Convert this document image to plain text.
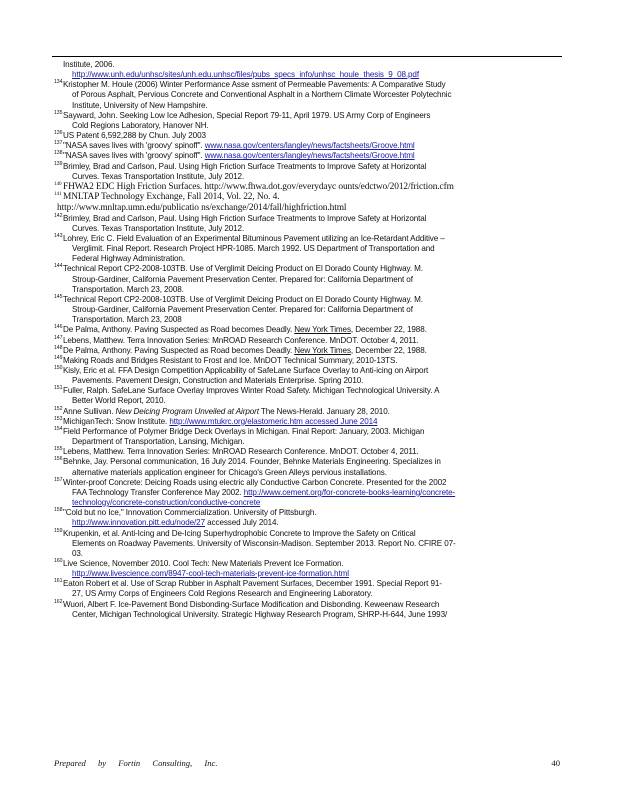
Institute, 2006.
http://www.unh.edu/unhsc/sites/unh.edu.unhsc/files/pubs_specs_info/unhsc_houle_thesis_9_08.pdf
134 Kristopher M. Houle (2006) Winter Performance Asse ssment of Permeable Pavements: A Comparative Study
of Porous Asphalt, Pervious Concrete and Conventional Asphalt in a Northern Climate Worcester Polytechnic
Institute, University of New Hampshire.
135 Sayward, John. Seeking Low Ice Adhesion, Special Report 79-11, April 1979. US Army Corp of Engineers
Cold Regions Laboratory, Hanover NH.
136 US Patent 6,592,288 by Chun. July 2003
137 "NASA saves lives with 'groovy' spinoff". www.nasa.gov/centers/langley/news/factsheets/Groove.html
138 "NASA saves lives with 'groovy' spinoff". www.nasa.gov/centers/langley/news/factsheets/Groove.html
139 Brimley, Brad and Carlson, Paul. Using High Friction Surface Treatments to Improve Safety at Horizontal
Curves. Texas Transportation Institute, July 2012.
140 FHWA2 EDC High Friction Surfaces. http://www.fhwa.dot.gov/everydayc ounts/edctwo/2012/friction.cfm
141 MNLTAP Technology Exchange, Fall 2014, Vol. 22, No. 4.
http://www.mnltap.umn.edu/publicatio ns/exchange/2014/fall/highfriction.html
142 Brimley, Brad and Carlson, Paul. Using High Friction Surface Treatments to Improve Safety at Horizontal
Curves. Texas Transportation Institute, July 2012.
143 Lohrey, Eric C. Field Evaluation of an Experimental Bituminous Pavement utilizing an Ice-Retardant Additive –
Verglimit. Final Report. Research Project HPR-1085. March 1992. US Department of Transportation and
Federal Highway Administration.
144 Technical Report CP2-2008-103TB. Use of Verglimit Deicing Product on El Dorado County Highway. M.
Stroup-Gardiner, California Pavement Preservation Center. Prepared for: California Department of
Transportation. March 23, 2008.
145 Technical Report CP2-2008-103TB. Use of Verglimit Deicing Product on El Dorado County Highway. M.
Stroup-Gardiner, California Pavement Preservation Center. Prepared for: California Department of
Transportation. March 23, 2008
146 De Palma, Anthony. Paving Suspected as Road becomes Deadly. New York Times, December 22, 1988.
147 Lebens, Matthew. Terra Innovation Series: MnROAD Research Conference. MnDOT. October 4, 2011.
148 De Palma, Anthony. Paving Suspected as Road becomes Deadly. New York Times, December 22, 1988.
149 Making Roads and Bridges Resistant to Frost and Ice. MnDOT Technical Summary, 2010-13TS.
150 Kisly, Eric et al. FFA Design Competition Applicability of SafeLane Surface Overlay to Anti-icing on Airport
Pavements. Pavement Design, Construction and Materials Enterprise. Spring 2010.
151 Fuller, Ralph. SafeLane Surface Overlay Improves Winter Road Safety. Michigan Technological University. A
Better World Report, 2010.
152 Anne Sullivan. New Deicing Program Unveiled at Airport The News-Herald. January 28, 2010.
153 MichiganTech: Snow Institute. http://www.mtukrc.org/elastomeric.htm accessed June 2014
154 Field Performance of Polymer Bridge Deck Overlays in Michigan. Final Report: January, 2003. Michigan
Department of Transportation, Lansing, Michigan.
155 Lebens, Matthew. Terra Innovation Series: MnROAD Research Conference. MnDOT. October 4, 2011.
156 Behnke, Jay. Personal communication, 16 July 2014. Founder, Behnke Materials Engineering. Specializes in
alternative materials application engineer for Chicago's Green Alleys pervious installations.
157 Winter-proof Concrete: Deicing Roads using electric ally Conductive Carbon Concrete. Presented for the 2002
FAA Technology Transfer Conference May 2002. http://www.cement.org/for-concrete-books-learning/concrete-
technology/concrete-construction/conductive-concrete
158 "Cold but no Ice," Innovation Commercialization. University of Pittsburgh.
http://www.innovation.pitt.edu/node/27 accessed July 2014.
159 Krupenkin, et al. Anti-Icing and De-Icing Superhydrophobic Concrete to Improve the Safety on Critical
Elements on Roadway Pavements. University of Wisconsin-Madison. September 2013. Report No. CFIRE 07-
03.
160 Live Science, November 2010. Cool Tech: New Materials Prevent Ice Formation.
http://www.livescience.com/8947-cool-tech-materials-prevent-ice-formation.html
161 Eaton Robert et al. Use of Scrap Rubber in Asphalt Pavement Surfaces, December 1991. Special Report 91-
27, US Army Corps of Engineers Cold Regions Research and Engineering Laboratory.
162 Wuori, Albert F. Ice-Pavement Bond Disbonding-Surface Modification and Disbonding. Keweenaw Research
Center, Michigan Technological University. Strategic Highway Research Program, SHRP-H-644, June 1993/
Prepared by Fortin Consulting, Inc.	40
